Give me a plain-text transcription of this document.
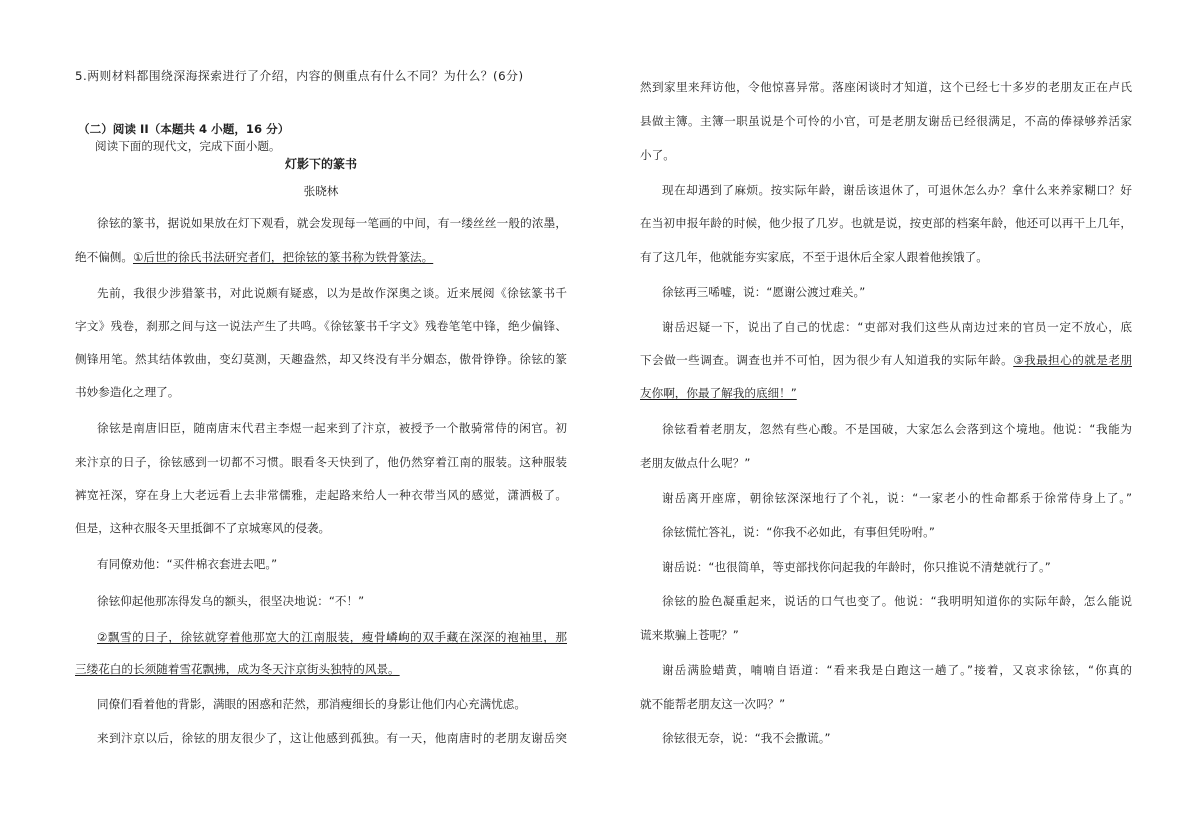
5.两则材料都围绕深海探索进行了介绍，内容的侧重点有什么不同？为什么？(6分)
（二）阅读 II（本题共 4 小题，16 分）
阅读下面的现代文，完成下面小题。
灯影下的篆书
张晓林
徐铉的篆书，据说如果放在灯下观看，就会发现每一笔画的中间，有一缕丝丝一般的浓墨，
绝不偏侧。①后世的徐氏书法研究者们，把徐铉的篆书称为铁骨篆法。
先前，我很少涉猎篆书，对此说颇有疑惑，以为是故作深奥之谈。近来展阅《徐铉篆书千
字文》残卷，刹那之间与这一说法产生了共鸣。《徐铉篆书千字文》残卷笔笔中锋，绝少偏锋、
侧锋用笔。然其结体敦曲，变幻莫测，天趣盎然，却又终没有半分媚态，傲骨铮铮。徐铉的篆
书妙参造化之理了。
徐铉是南唐旧臣，随南唐末代君主李煜一起来到了汴京，被授予一个散骑常侍的闲官。初
来汴京的日子，徐铉感到一切都不习惯。眼看冬天快到了，他仍然穿着江南的服装。这种服装
裤宽衽深，穿在身上大老远看上去非常儒雅，走起路来给人一种衣带当风的感觉，潇洒极了。
但是，这种衣服冬天里抵御不了京城寒风的侵袭。
有同僚劝他：“买件棉衣套进去吧。”
徐铉仰起他那冻得发乌的额头，很坚决地说：“不！”
②飘雪的日子，徐铉就穿着他那宽大的江南服装，瘦骨嶙峋的双手藏在深深的袍袖里，那
三缕花白的长须随着雪花飘拂，成为冬天汴京街头独特的风景。
同僚们看着他的背影，满眼的困惑和茫然，那消瘦细长的身影让他们内心充满忧虑。
来到汴京以后，徐铉的朋友很少了，这让他感到孤独。有一天，他南唐时的老朋友谢岳突
然到家里来拜访他，令他惊喜异常。落座闲谈时才知道，这个已经七十多岁的老朋友正在卢氏
县做主簿。主簿一职虽说是个可怜的小官，可是老朋友谢岳已经很满足，不高的俸禄够养活家
小了。
现在却遇到了麻烦。按实际年龄，谢岳该退休了，可退休怎么办？拿什么来养家糊口？好
在当初申报年龄的时候，他少报了几岁。也就是说，按吏部的档案年龄，他还可以再干上几年，
有了这几年，他就能夯实家底，不至于退休后全家人跟着他挨饿了。
徐铉再三唏嘘，说：“愿谢公渡过难关。”
谢岳迟疑一下，说出了自己的忧虑：“吏部对我们这些从南边过来的官员一定不放心，底
下会做一些调查。调查也并不可怕，因为很少有人知道我的实际年龄。③我最担心的就是老朋
友你啊，你最了解我的底细！”
徐铉看着老朋友，忽然有些心酸。不是国破，大家怎么会落到这个境地。他说：“我能为
老朋友做点什么呢？”
谢岳离开座席，朝徐铉深深地行了个礼，说：“一家老小的性命都系于徐常侍身上了。”
徐铉慌忙答礼，说：“你我不必如此，有事但凭吩咐。”
谢岳说：“也很简单，等吏部找你问起我的年龄时，你只推说不清楚就行了。”
徐铉的脸色凝重起来，说话的口气也变了。他说：“我明明知道你的实际年龄，怎么能说
谎来欺骗上苍呢？”
谢岳满脸蜡黄，喃喃自语道：“看来我是白跑这一趟了。”接着，又哀求徐铉，“你真的
就不能帮老朋友这一次吗？”
徐铉很无奈，说：“我不会撒谎。”
